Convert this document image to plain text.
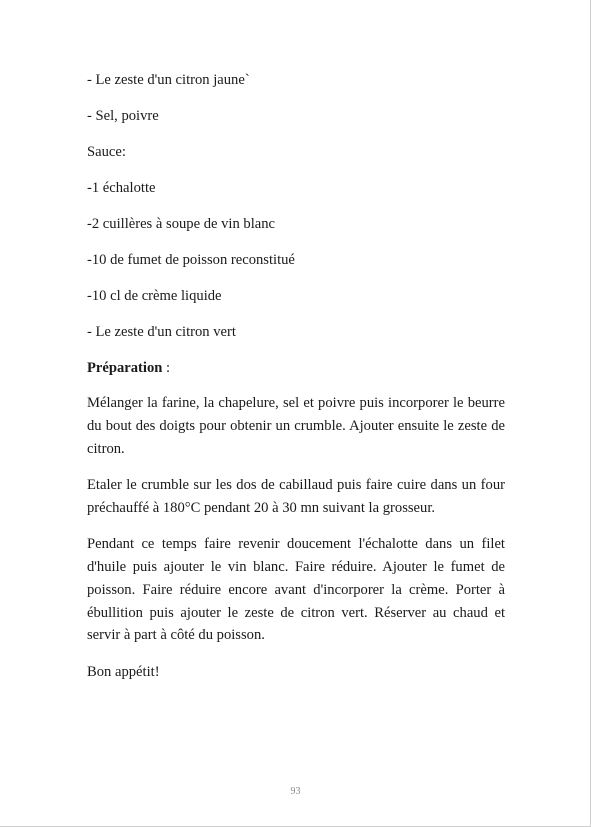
- Le zeste d'un citron jaune`
- Sel, poivre
Sauce:
-1 échalotte
-2 cuillères à soupe de vin blanc
-10 de fumet de poisson reconstitué
-10 cl de crème liquide
- Le zeste d'un citron vert
Préparation :

Mélanger la farine, la chapelure, sel et poivre puis incorporer le beurre du bout des doigts pour obtenir un crumble. Ajouter ensuite le zeste de citron.

Etaler le crumble sur les dos de cabillaud puis faire cuire dans un four préchauffé à 180°C pendant 20 à 30 mn suivant la grosseur.

Pendant ce temps faire revenir doucement l'échalotte dans un filet d'huile puis ajouter le vin blanc. Faire réduire. Ajouter le fumet de poisson. Faire réduire encore avant d'incorporer la crème. Porter à ébullition puis ajouter le zeste de citron vert. Réserver au chaud et servir à part à côté du poisson.

Bon appétit!
93
